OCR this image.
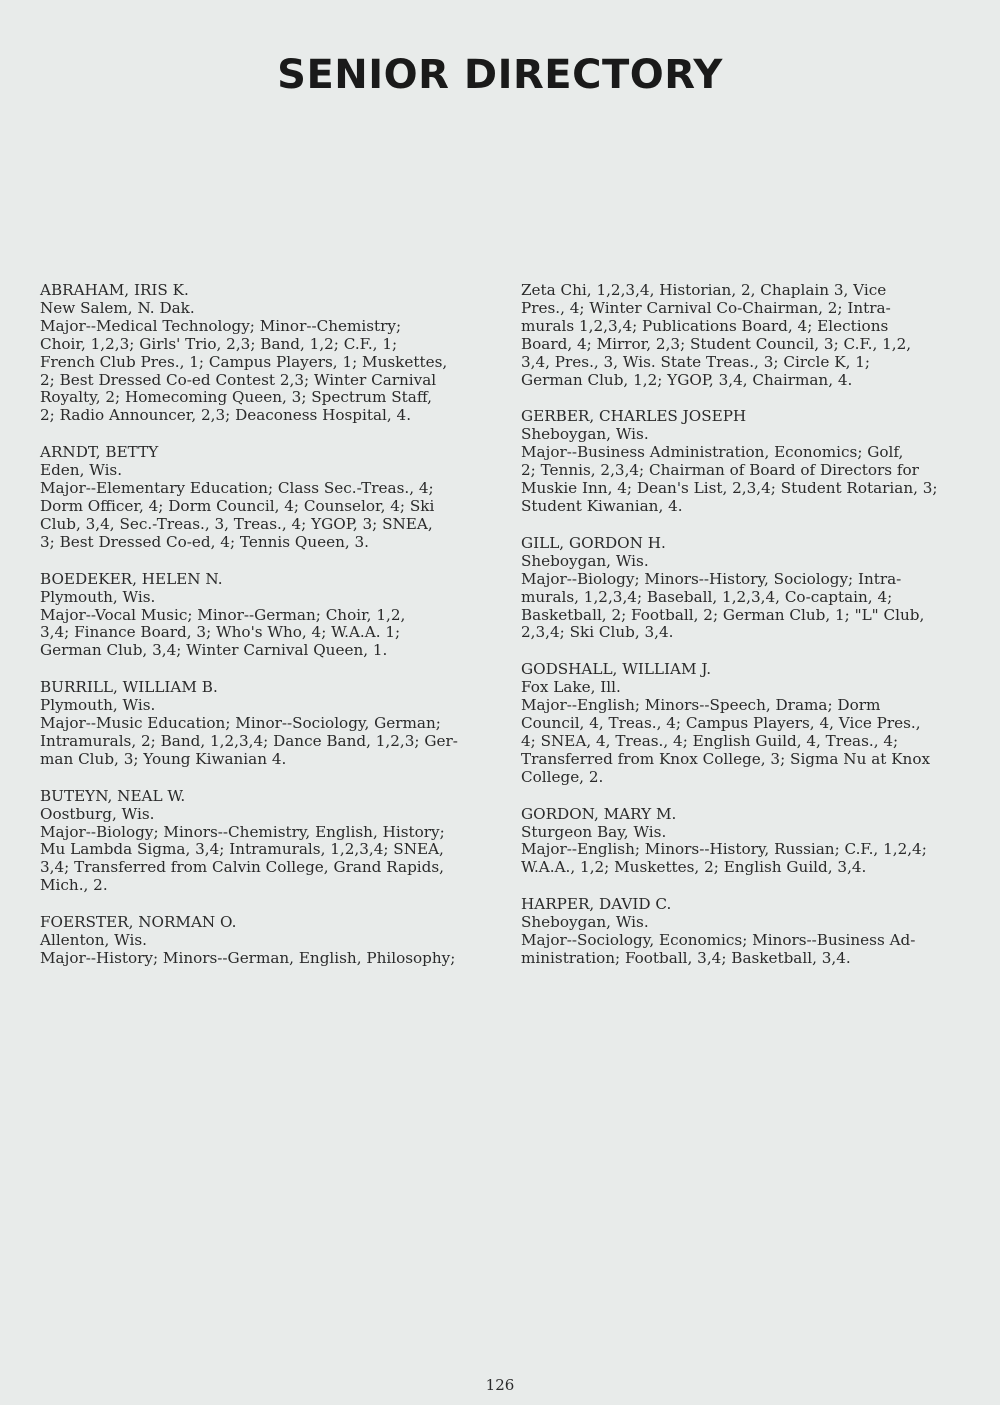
SENIOR DIRECTORY
ABRAHAM, IRIS K.
New Salem, N. Dak.
Major--Medical Technology; Minor--Chemistry;
Choir, 1,2,3; Girls' Trio, 2,3; Band, 1,2; C.F., 1;
French Club Pres., 1; Campus Players, 1; Muskettes,
2; Best Dressed Co-ed Contest 2,3; Winter Carnival
Royalty, 2; Homecoming Queen, 3; Spectrum Staff,
2; Radio Announcer, 2,3; Deaconess Hospital, 4.
ARNDT, BETTY
Eden, Wis.
Major--Elementary Education; Class Sec.-Treas., 4;
Dorm Officer, 4; Dorm Council, 4; Counselor, 4; Ski
Club, 3,4, Sec.-Treas., 3, Treas., 4; YGOP, 3; SNEA,
3; Best Dressed Co-ed, 4; Tennis Queen, 3.
BOEDEKER, HELEN N.
Plymouth, Wis.
Major--Vocal Music; Minor--German; Choir, 1,2,
3,4; Finance Board, 3; Who's Who, 4; W.A.A. 1;
German Club, 3,4; Winter Carnival Queen, 1.
BURRILL, WILLIAM B.
Plymouth, Wis.
Major--Music Education; Minor--Sociology, German;
Intramurals, 2; Band, 1,2,3,4; Dance Band, 1,2,3; Ger-
man Club, 3; Young Kiwanian 4.
BUTEYN, NEAL W.
Oostburg, Wis.
Major--Biology; Minors--Chemistry, English, History;
Mu Lambda Sigma, 3,4; Intramurals, 1,2,3,4; SNEA,
3,4; Transferred from Calvin College, Grand Rapids,
Mich., 2.
FOERSTER, NORMAN O.
Allenton, Wis.
Major--History; Minors--German, English, Philosophy;
Zeta Chi, 1,2,3,4, Historian, 2, Chaplain 3, Vice
Pres., 4; Winter Carnival Co-Chairman, 2; Intra-
murals 1,2,3,4; Publications Board, 4; Elections
Board, 4; Mirror, 2,3; Student Council, 3; C.F., 1,2,
3,4, Pres., 3, Wis. State Treas., 3; Circle K, 1;
German Club, 1,2; YGOP, 3,4, Chairman, 4.
GERBER, CHARLES JOSEPH
Sheboygan, Wis.
Major--Business Administration, Economics; Golf,
2; Tennis, 2,3,4; Chairman of Board of Directors for
Muskie Inn, 4; Dean's List, 2,3,4; Student Rotarian, 3;
Student Kiwanian, 4.
GILL, GORDON H.
Sheboygan, Wis.
Major--Biology; Minors--History, Sociology; Intra-
murals, 1,2,3,4; Baseball, 1,2,3,4, Co-captain, 4;
Basketball, 2; Football, 2; German Club, 1; "L" Club,
2,3,4; Ski Club, 3,4.
GODSHALL, WILLIAM J.
Fox Lake, Ill.
Major--English; Minors--Speech, Drama; Dorm
Council, 4, Treas., 4; Campus Players, 4, Vice Pres.,
4; SNEA, 4, Treas., 4; English Guild, 4, Treas., 4;
Transferred from Knox College, 3; Sigma Nu at Knox
College, 2.
GORDON, MARY M.
Sturgeon Bay, Wis.
Major--English; Minors--History, Russian; C.F., 1,2,4;
W.A.A., 1,2; Muskettes, 2; English Guild, 3,4.
HARPER, DAVID C.
Sheboygan, Wis.
Major--Sociology, Economics; Minors--Business Ad-
ministration; Football, 3,4; Basketball, 3,4.
126
